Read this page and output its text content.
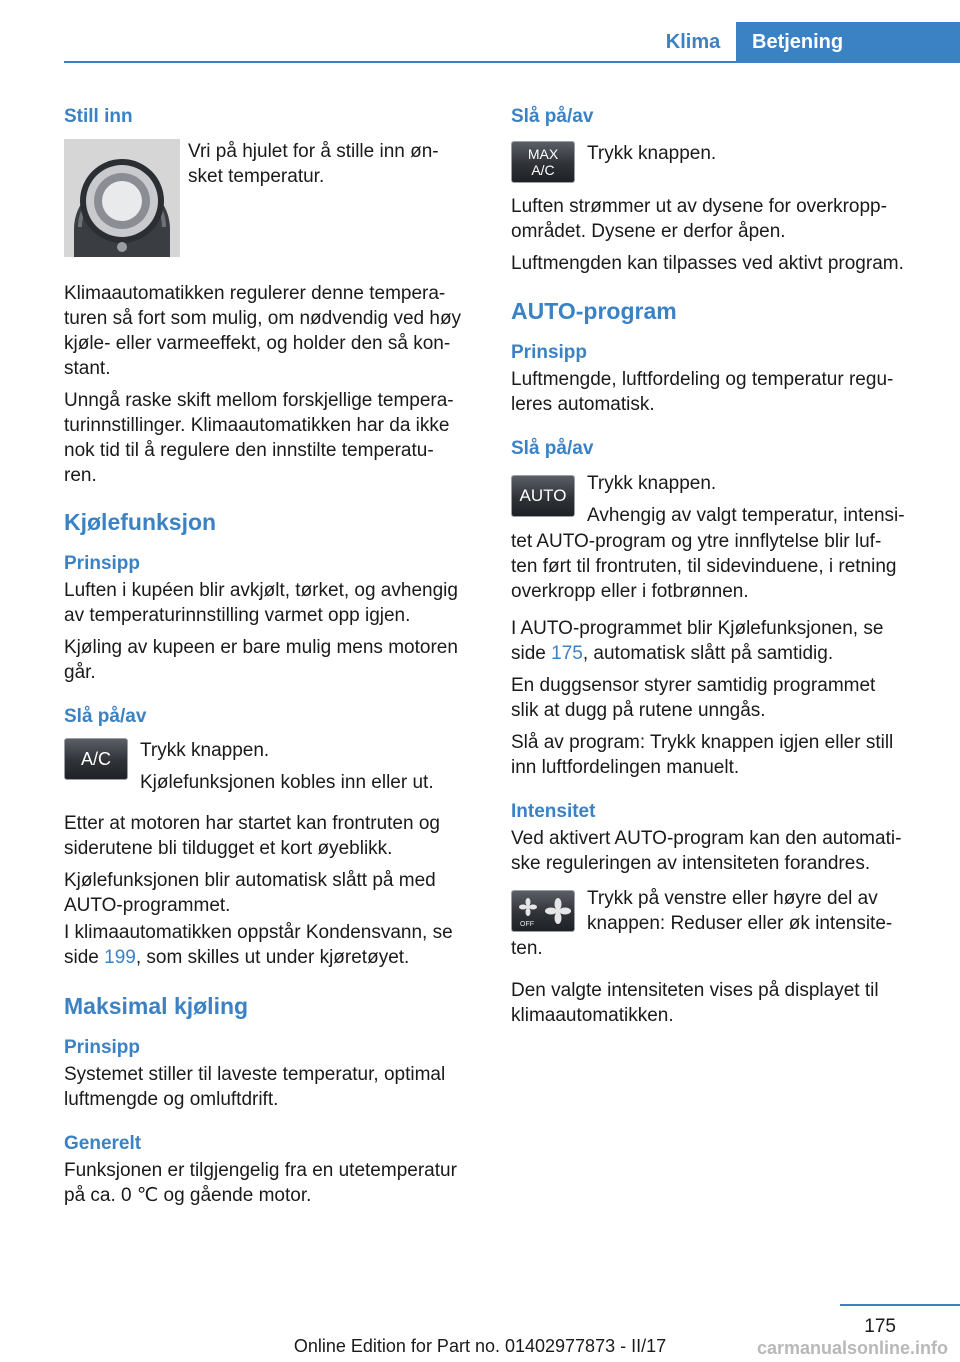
Klima	Betjening
Still inn

Vri på hjulet for å stille inn øn-

sket temperatur.

Klimaautomatikken regulerer denne tempera-

turen så fort som mulig, om nødvendig ved høy

kjøle- eller varmeeffekt, og holder den så kon-

stant.

Unngå raske skift mellom forskjellige tempera-

turinnstillinger. Klimaautomatikken har da ikke

nok tid til å regulere den innstilte temperatu-

ren.

Kjølefunksjon
Prinsipp

Luften i kupéen blir avkjølt, tørket, og avhengig

av temperaturinnstilling varmet opp igjen.

Kjøling av kupeen er bare mulig mens motoren

går.

Slå på/av
A/C	Trykk knappen.

Kjølefunksjonen kobles inn eller ut.

Etter at motoren har startet kan frontruten og

siderutene bli tildugget et kort øyeblikk.

Kjølefunksjonen blir automatisk slått på med

AUTO-programmet.

I klimaautomatikken oppstår Kondensvann, se

side 199, som skilles ut under kjøretøyet.

Maksimal kjøling
Prinsipp

Systemet stiller til laveste temperatur, optimal

luftmengde og omluftdrift.

Generelt

Funksjonen er tilgjengelig fra en utetemperatur

på ca. 0 ℃ og gående motor.

Slå på/av
MAX
A/C

Trykk knappen.

Luften strømmer ut av dysene for overkropp-

området. Dysene er derfor åpen.

Luftmengden kan tilpasses ved aktivt program.

AUTO-program
Prinsipp

Luftmengde, luftfordeling og temperatur regu-

leres automatisk.

Slå på/av
AUTO

Trykk knappen.

Avhengig av valgt temperatur, intensi-

tet AUTO-program og ytre innflytelse blir luf-

ten ført til frontruten, til sidevinduene, i retning

overkropp eller i fotbrønnen.

I AUTO-programmet blir Kjølefunksjonen, se

side 175, automatisk slått på samtidig.

En duggsensor styrer samtidig programmet

slik at dugg på rutene unngås.

Slå av program: Trykk knappen igjen eller still

inn luftfordelingen manuelt.

Intensitet

Ved aktivert AUTO-program kan den automati-

ske reguleringen av intensiteten forandres.

OFF

Trykk på venstre eller høyre del av

knappen: Reduser eller øk intensite-

ten.

Den valgte intensiteten vises på displayet til

klimaautomatikken.

175
Online Edition for Part no. 01402977873 - II/17	carmanualsonline.info
